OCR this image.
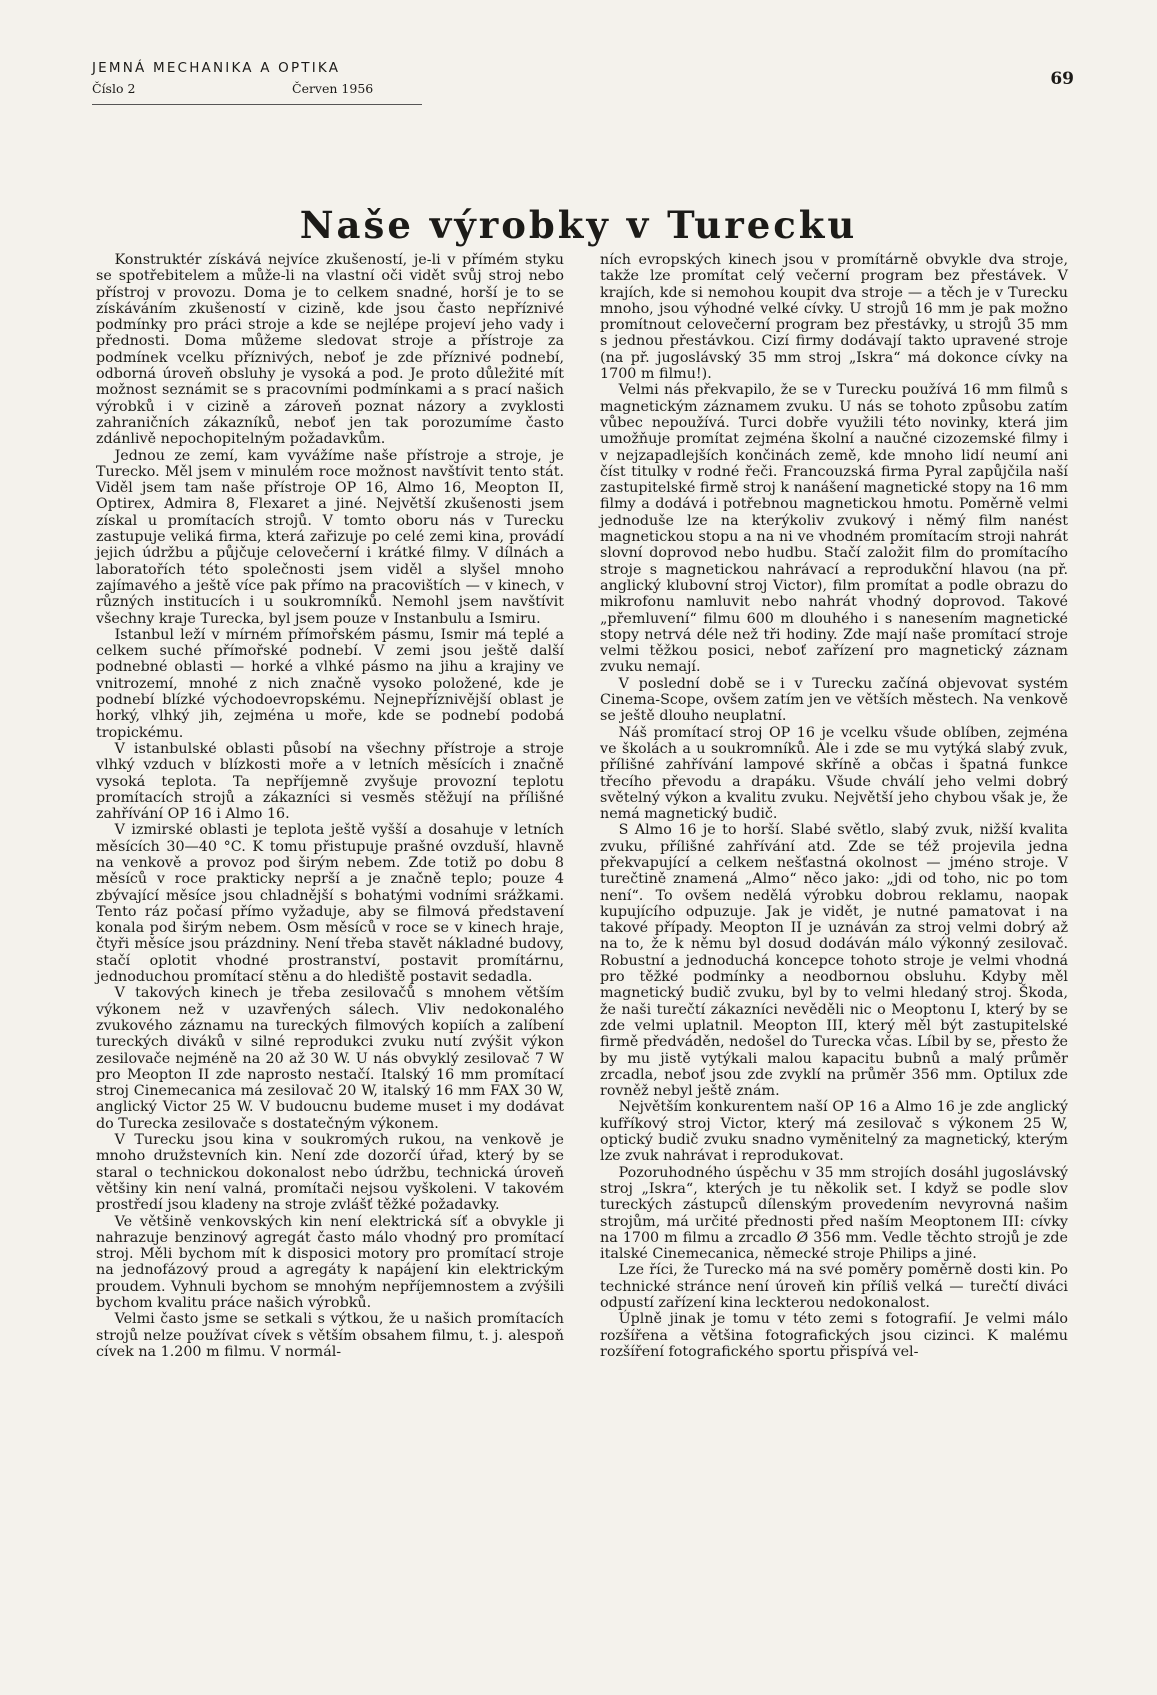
JEMNÁ MECHANIKA A OPTIKA
Číslo 2	Červen 1956	69
Naše výrobky v Turecku

Konstruktér získává nejvíce zkušeností, je-li v přímém styku se spotřebitelem a může-li na vlastní oči vidět svůj stroj nebo přístroj v provozu. Doma je to celkem snadné, horší je to se získáváním zkušeností v cizině, kde jsou často nepříznivé podmínky pro práci stroje a kde se nejlépe projeví jeho vady i přednosti. Doma můžeme sledovat stroje a přístroje za podmínek vcelku příznivých, neboť je zde příznivé podnebí, odborná úroveň obsluhy je vysoká a pod. Je proto důležité mít možnost seznámit se s pracovními podmínkami a s prací našich výrobků i v cizině a zároveň poznat názory a zvyklosti zahraničních zákazníků, neboť jen tak porozumíme často zdánlivě nepochopitelným požadavkům.

Jednou ze zemí, kam vyvážíme naše přístroje a stroje, je Turecko. Měl jsem v minulém roce možnost navštívit tento stát. Viděl jsem tam naše přístroje OP 16, Almo 16, Meopton II, Optirex, Admira 8, Flexaret a jiné. Největší zkušenosti jsem získal u promítacích strojů. V tomto oboru nás v Turecku zastupuje veliká firma, která zařizuje po celé zemi kina, provádí jejich údržbu a půjčuje celovečerní i krátké filmy. V dílnách a laboratořích této společnosti jsem viděl a slyšel mnoho zajímavého a ještě více pak přímo na pracovištích — v kinech, v různých institucích i u soukromníků. Nemohl jsem navštívit všechny kraje Turecka, byl jsem pouze v Instanbulu a Ismiru.

Istanbul leží v mírném přímořském pásmu, Ismir má teplé a celkem suché přímořské podnebí. V zemi jsou ještě další podnebné oblasti — horké a vlhké pásmo na jihu a krajiny ve vnitrozemí, mnohé z nich značně vysoko položené, kde je podnebí blízké východoevropskému. Nejnepříznivější oblast je horký, vlhký jih, zejména u moře, kde se podnebí podobá tropickému.

V istanbulské oblasti působí na všechny přístroje a stroje vlhký vzduch v blízkosti moře a v letních měsících i značně vysoká teplota. Ta nepříjemně zvyšuje provozní teplotu promítacích strojů a zákazníci si vesměs stěžují na přílišné zahřívání OP 16 i Almo 16.

V izmirské oblasti je teplota ještě vyšší a dosahuje v letních měsících 30—40 °C. K tomu přistupuje prašné ovzduší, hlavně na venkově a provoz pod širým nebem. Zde totiž po dobu 8 měsíců v roce prakticky neprší a je značně teplo; pouze 4 zbývající měsíce jsou chladnější s bohatými vodními srážkami. Tento ráz počasí přímo vyžaduje, aby se filmová představení konala pod širým nebem. Osm měsíců v roce se v kinech hraje, čtyři měsíce jsou prázdniny. Není třeba stavět nákladné budovy, stačí oplotit vhodné prostranství, postavit promítárnu, jednoduchou promítací stěnu a do hlediště postavit sedadla.

V takových kinech je třeba zesilovačů s mnohem větším výkonem než v uzavřených sálech. Vliv nedokonalého zvukového záznamu na tureckých filmových kopiích a zalíbení tureckých diváků v silné reprodukci zvuku nutí zvýšit výkon zesilovače nejméně na 20 až 30 W. U nás obvyklý zesilovač 7 W pro Meopton II zde naprosto nestačí. Italský 16 mm promítací stroj Cinemecanica má zesilovač 20 W, italský 16 mm FAX 30 W, anglický Victor 25 W. V budoucnu budeme muset i my dodávat do Turecka zesilovače s dostatečným výkonem.

V Turecku jsou kina v soukromých rukou, na venkově je mnoho družstevních kin. Není zde dozorčí úřad, který by se staral o technickou dokonalost nebo údržbu, technická úroveň většiny kin není valná, promítači nejsou vyškoleni. V takovém prostředí jsou kladeny na stroje zvlášť těžké požadavky.

Ve většině venkovských kin není elektrická síť a obvykle ji nahrazuje benzinový agregát často málo vhodný pro promítací stroj. Měli bychom mít k disposici motory pro promítací stroje na jednofázový proud a agregáty k napájení kin elektrickým proudem. Vyhnuli bychom se mnohým nepříjemnostem a zvýšili bychom kvalitu práce našich výrobků.

Velmi často jsme se setkali s výtkou, že u našich promítacích strojů nelze používat cívek s větším obsahem filmu, t. j. alespoň cívek na 1.200 m filmu. V normál-

ních evropských kinech jsou v promítárně obvykle dva stroje, takže lze promítat celý večerní program bez přestávek. V krajích, kde si nemohou koupit dva stroje — a těch je v Turecku mnoho, jsou výhodné velké cívky. U strojů 16 mm je pak možno promítnout celovečerní program bez přestávky, u strojů 35 mm s jednou přestávkou. Cizí firmy dodávají takto upravené stroje (na př. jugoslávský 35 mm stroj „Iskra“ má dokonce cívky na 1700 m filmu!).

Velmi nás překvapilo, že se v Turecku používá 16 mm filmů s magnetickým záznamem zvuku. U nás se tohoto způsobu zatím vůbec nepoužívá. Turci dobře využili této novinky, která jim umožňuje promítat zejména školní a naučné cizozemské filmy i v nejzapadlejších končinách země, kde mnoho lidí neumí ani číst titulky v rodné řeči. Francouzská firma Pyral zapůjčila naší zastupitelské firmě stroj k nanášení magnetické stopy na 16 mm filmy a dodává i potřebnou magnetickou hmotu. Poměrně velmi jednoduše lze na kterýkoliv zvukový i němý film nanést magnetickou stopu a na ni ve vhodném promítacím stroji nahrát slovní doprovod nebo hudbu. Stačí založit film do promítacího stroje s magnetickou nahrávací a reprodukční hlavou (na př. anglický klubovní stroj Victor), film promítat a podle obrazu do mikrofonu namluvit nebo nahrát vhodný doprovod. Takové „přemluvení“ filmu 600 m dlouhého i s nanesením magnetické stopy netrvá déle než tři hodiny. Zde mají naše promítací stroje velmi těžkou posici, neboť zařízení pro magnetický záznam zvuku nemají.

V poslední době se i v Turecku začíná objevovat systém Cinema-Scope, ovšem zatím jen ve větších městech. Na venkově se ještě dlouho neuplatní.

Náš promítací stroj OP 16 je vcelku všude oblíben, zejména ve školách a u soukromníků. Ale i zde se mu vytýká slabý zvuk, přílišné zahřívání lampové skříně a občas i špatná funkce třecího převodu a drapáku. Všude chválí jeho velmi dobrý světelný výkon a kvalitu zvuku. Největší jeho chybou však je, že nemá magnetický budič.

S Almo 16 je to horší. Slabé světlo, slabý zvuk, nižší kvalita zvuku, přílišné zahřívání atd. Zde se též projevila jedna překvapující a celkem nešťastná okolnost — jméno stroje. V turečtině znamená „Almo“ něco jako: „jdi od toho, nic po tom není“. To ovšem nedělá výrobku dobrou reklamu, naopak kupujícího odpuzuje. Jak je vidět, je nutné pamatovat i na takové případy. Meopton II je uznáván za stroj velmi dobrý až na to, že k němu byl dosud dodáván málo výkonný zesilovač. Robustní a jednoduchá koncepce tohoto stroje je velmi vhodná pro těžké podmínky a neodbornou obsluhu. Kdyby měl magnetický budič zvuku, byl by to velmi hledaný stroj. Škoda, že naši turečtí zákazníci nevěděli nic o Meoptonu I, který by se zde velmi uplatnil. Meopton III, který měl být zastupitelské firmě předváděn, nedošel do Turecka včas. Líbil by se, přesto že by mu jistě vytýkali malou kapacitu bubnů a malý průměr zrcadla, neboť jsou zde zvyklí na průměr 356 mm. Optilux zde rovněž nebyl ještě znám.

Největším konkurentem naší OP 16 a Almo 16 je zde anglický kufříkový stroj Victor, který má zesilovač s výkonem 25 W, optický budič zvuku snadno vyměnitelný za magnetický, kterým lze zvuk nahrávat i reprodukovat.

Pozoruhodného úspěchu v 35 mm strojích dosáhl jugoslávský stroj „Iskra“, kterých je tu několik set. I když se podle slov tureckých zástupců dílenským provedením nevyrovná našim strojům, má určité přednosti před naším Meoptonem III: cívky na 1700 m filmu a zrcadlo Ø 356 mm. Vedle těchto strojů je zde italské Cinemecanica, německé stroje Philips a jiné.

Lze říci, že Turecko má na své poměry poměrně dosti kin. Po technické stránce není úroveň kin příliš velká — turečtí diváci odpustí zařízení kina leckterou nedokonalost.

Úplně jinak je tomu v této zemi s fotografií. Je velmi málo rozšířena a většina fotografických jsou cizinci. K malému rozšíření fotografického sportu přispívá vel-
